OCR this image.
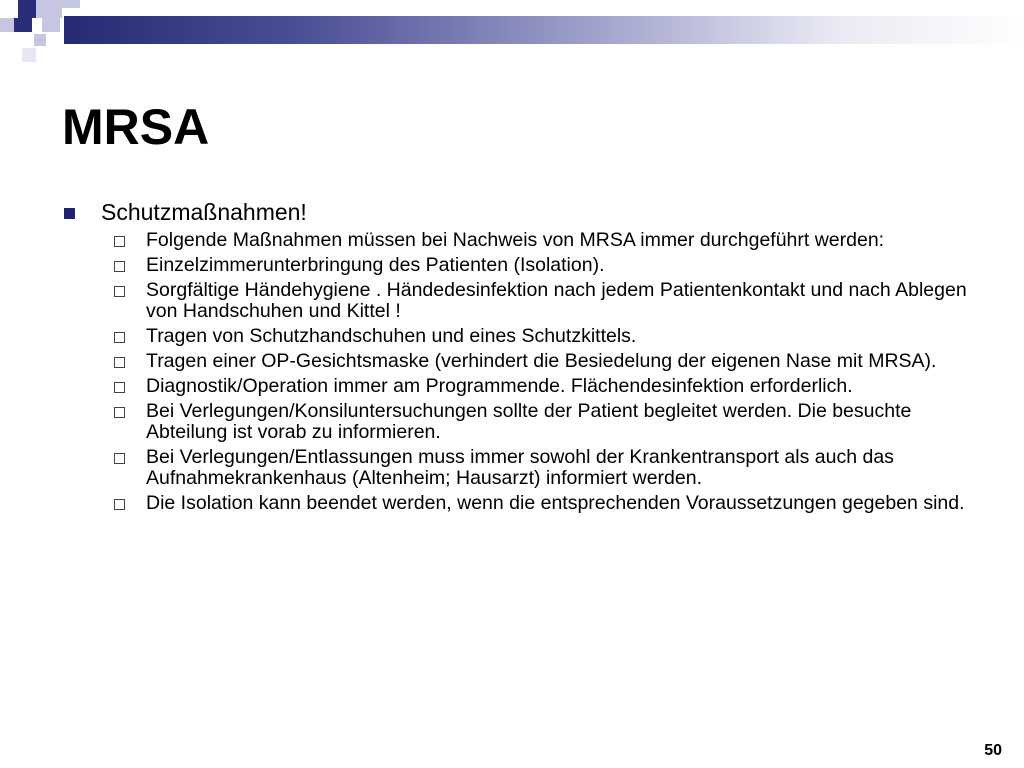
MRSA
Schutzmaßnahmen!
Folgende Maßnahmen müssen bei Nachweis von MRSA immer durchgeführt werden:
Einzelzimmerunterbringung des Patienten (Isolation).
Sorgfältige Händehygiene . Händedesinfektion nach jedem Patientenkontakt und nach Ablegen von Handschuhen und Kittel !
Tragen von Schutzhandschuhen und eines Schutzkittels.
Tragen einer OP-Gesichtsmaske (verhindert die Besiedelung der eigenen Nase mit MRSA).
Diagnostik/Operation immer am Programmende. Flächendesinfektion erforderlich.
Bei Verlegungen/Konsiluntersuchungen sollte der Patient begleitet werden. Die besuchte Abteilung ist vorab zu informieren.
Bei Verlegungen/Entlassungen muss immer sowohl der Krankentransport als auch das Aufnahmekrankenhaus (Altenheim; Hausarzt) informiert werden.
Die Isolation kann beendet werden, wenn die entsprechenden Voraussetzungen gegeben sind.
50
